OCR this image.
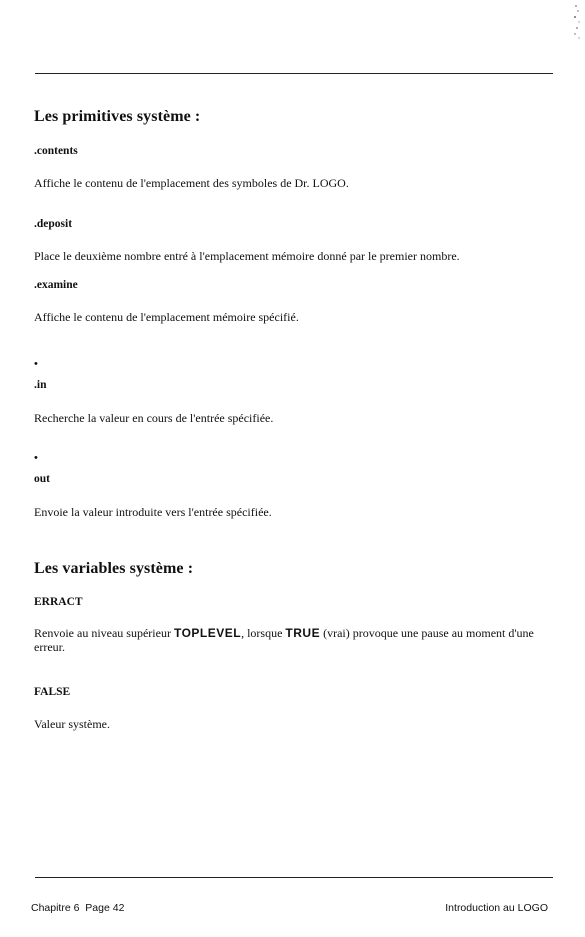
Les primitives système :

.contents

Affiche le contenu de l'emplacement des symboles de Dr. LOGO.

.deposit

Place le deuxième nombre entré à l'emplacement mémoire donné par le premier nombre.

.examine

Affiche le contenu de l'emplacement mémoire spécifié.

•

.in

Recherche la valeur en cours de l'entrée spécifiée.

•

out

Envoie la valeur introduite vers l'entrée spécifiée.

Les variables système :

ERRACT

Renvoie au niveau supérieur TOPLEVEL, lorsque TRUE (vrai) provoque une pause au moment d'une erreur.

FALSE

Valeur système.

Chapitre 6 Page 42	Introduction au LOGO
